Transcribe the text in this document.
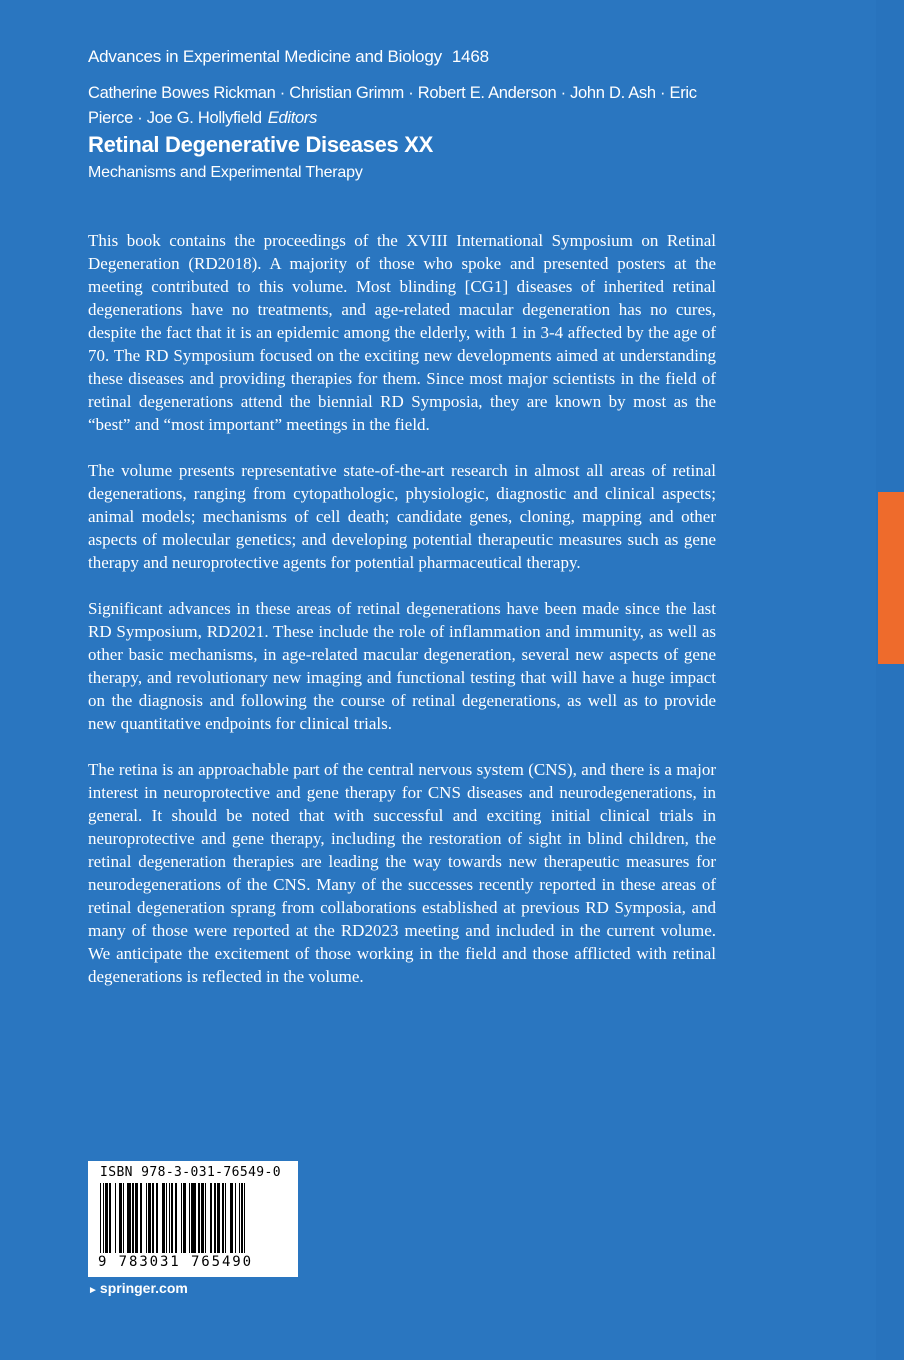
Advances in Experimental Medicine and Biology 1468
Catherine Bowes Rickman · Christian Grimm · Robert E. Anderson · John D. Ash · Eric Pierce · Joe G. Hollyfield Editors
Retinal Degenerative Diseases XX
Mechanisms and Experimental Therapy

This book contains the proceedings of the XVIII International Symposium on Retinal Degeneration (RD2018). A majority of those who spoke and presented posters at the meeting contributed to this volume. Most blinding [CG1] diseases of inherited retinal degenerations have no treatments, and age-related macular degeneration has no cures, despite the fact that it is an epidemic among the elderly, with 1 in 3-4 affected by the age of 70. The RD Symposium focused on the exciting new developments aimed at understanding these diseases and providing therapies for them. Since most major scientists in the field of retinal degenerations attend the biennial RD Symposia, they are known by most as the “best” and “most important” meetings in the field.

The volume presents representative state-of-the-art research in almost all areas of retinal degenerations, ranging from cytopathologic, physiologic, diagnostic and clinical aspects; animal models; mechanisms of cell death; candidate genes, cloning, mapping and other aspects of molecular genetics; and developing potential therapeutic measures such as gene therapy and neuroprotective agents for potential pharmaceutical therapy.

Significant advances in these areas of retinal degenerations have been made since the last RD Symposium, RD2021. These include the role of inflammation and immunity, as well as other basic mechanisms, in age-related macular degeneration, several new aspects of gene therapy, and revolutionary new imaging and functional testing that will have a huge impact on the diagnosis and following the course of retinal degenerations, as well as to provide new quantitative endpoints for clinical trials.

The retina is an approachable part of the central nervous system (CNS), and there is a major interest in neuroprotective and gene therapy for CNS diseases and neurodegenerations, in general. It should be noted that with successful and exciting initial clinical trials in neuroprotective and gene therapy, including the restoration of sight in blind children, the retinal degeneration therapies are leading the way towards new therapeutic measures for neurodegenerations of the CNS. Many of the successes recently reported in these areas of retinal degeneration sprang from collaborations established at previous RD Symposia, and many of those were reported at the RD2023 meeting and included in the current volume. We anticipate the excitement of those working in the field and those afflicted with retinal degenerations is reflected in the volume.

ISBN 978-3-031-76549-0
9 783031 765490
► springer.com
